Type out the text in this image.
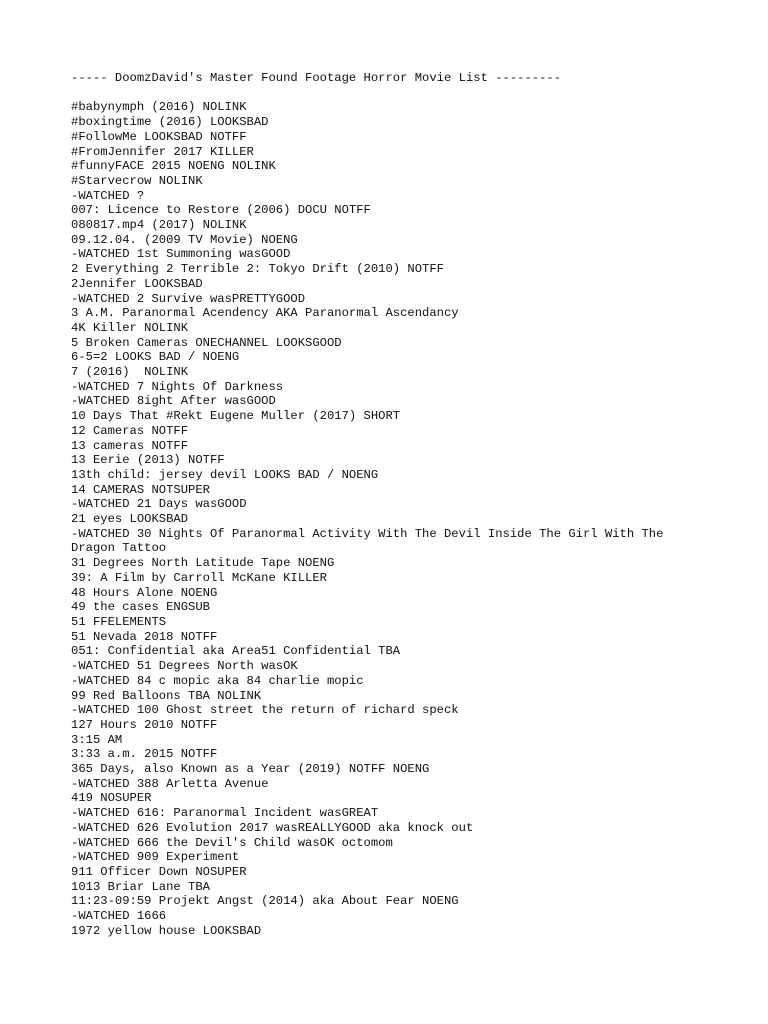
----- DoomzDavid's Master Found Footage Horror Movie List ---------
#babynymph (2016) NOLINK
#boxingtime (2016) LOOKSBAD
#FollowMe LOOKSBAD NOTFF
#FromJennifer 2017 KILLER
#funnyFACE 2015 NOENG NOLINK
#Starvecrow NOLINK
-WATCHED ?
007: Licence to Restore (2006) DOCU NOTFF
080817.mp4 (2017) NOLINK
09.12.04. (2009 TV Movie) NOENG
-WATCHED 1st Summoning wasGOOD
2 Everything 2 Terrible 2: Tokyo Drift (2010) NOTFF
2Jennifer LOOKSBAD
-WATCHED 2 Survive wasPRETTYGOOD
3 A.M. Paranormal Acendency AKA Paranormal Ascendancy
4K Killer NOLINK
5 Broken Cameras ONECHANNEL LOOKSGOOD
6-5=2 LOOKS BAD / NOENG
7 (2016)  NOLINK
-WATCHED 7 Nights Of Darkness
-WATCHED 8ight After wasGOOD
10 Days That #Rekt Eugene Muller (2017) SHORT
12 Cameras NOTFF
13 cameras NOTFF
13 Eerie (2013) NOTFF
13th child: jersey devil LOOKS BAD / NOENG
14 CAMERAS NOTSUPER
-WATCHED 21 Days wasGOOD
21 eyes LOOKSBAD
-WATCHED 30 Nights Of Paranormal Activity With The Devil Inside The Girl With The Dragon Tattoo
31 Degrees North Latitude Tape NOENG
39: A Film by Carroll McKane KILLER
48 Hours Alone NOENG
49 the cases ENGSUB
51 FFELEMENTS
51 Nevada 2018 NOTFF
051: Confidential aka Area51 Confidential TBA
-WATCHED 51 Degrees North wasOK
-WATCHED 84 c mopic aka 84 charlie mopic
99 Red Balloons TBA NOLINK
-WATCHED 100 Ghost street the return of richard speck
127 Hours 2010 NOTFF
3:15 AM
3:33 a.m. 2015 NOTFF
365 Days, also Known as a Year (2019) NOTFF NOENG
-WATCHED 388 Arletta Avenue
419 NOSUPER
-WATCHED 616: Paranormal Incident wasGREAT
-WATCHED 626 Evolution 2017 wasREALLYGOOD aka knock out
-WATCHED 666 the Devil's Child wasOK octomom
-WATCHED 909 Experiment
911 Officer Down NOSUPER
1013 Briar Lane TBA
11:23-09:59 Projekt Angst (2014) aka About Fear NOENG
-WATCHED 1666
1972 yellow house LOOKSBAD
